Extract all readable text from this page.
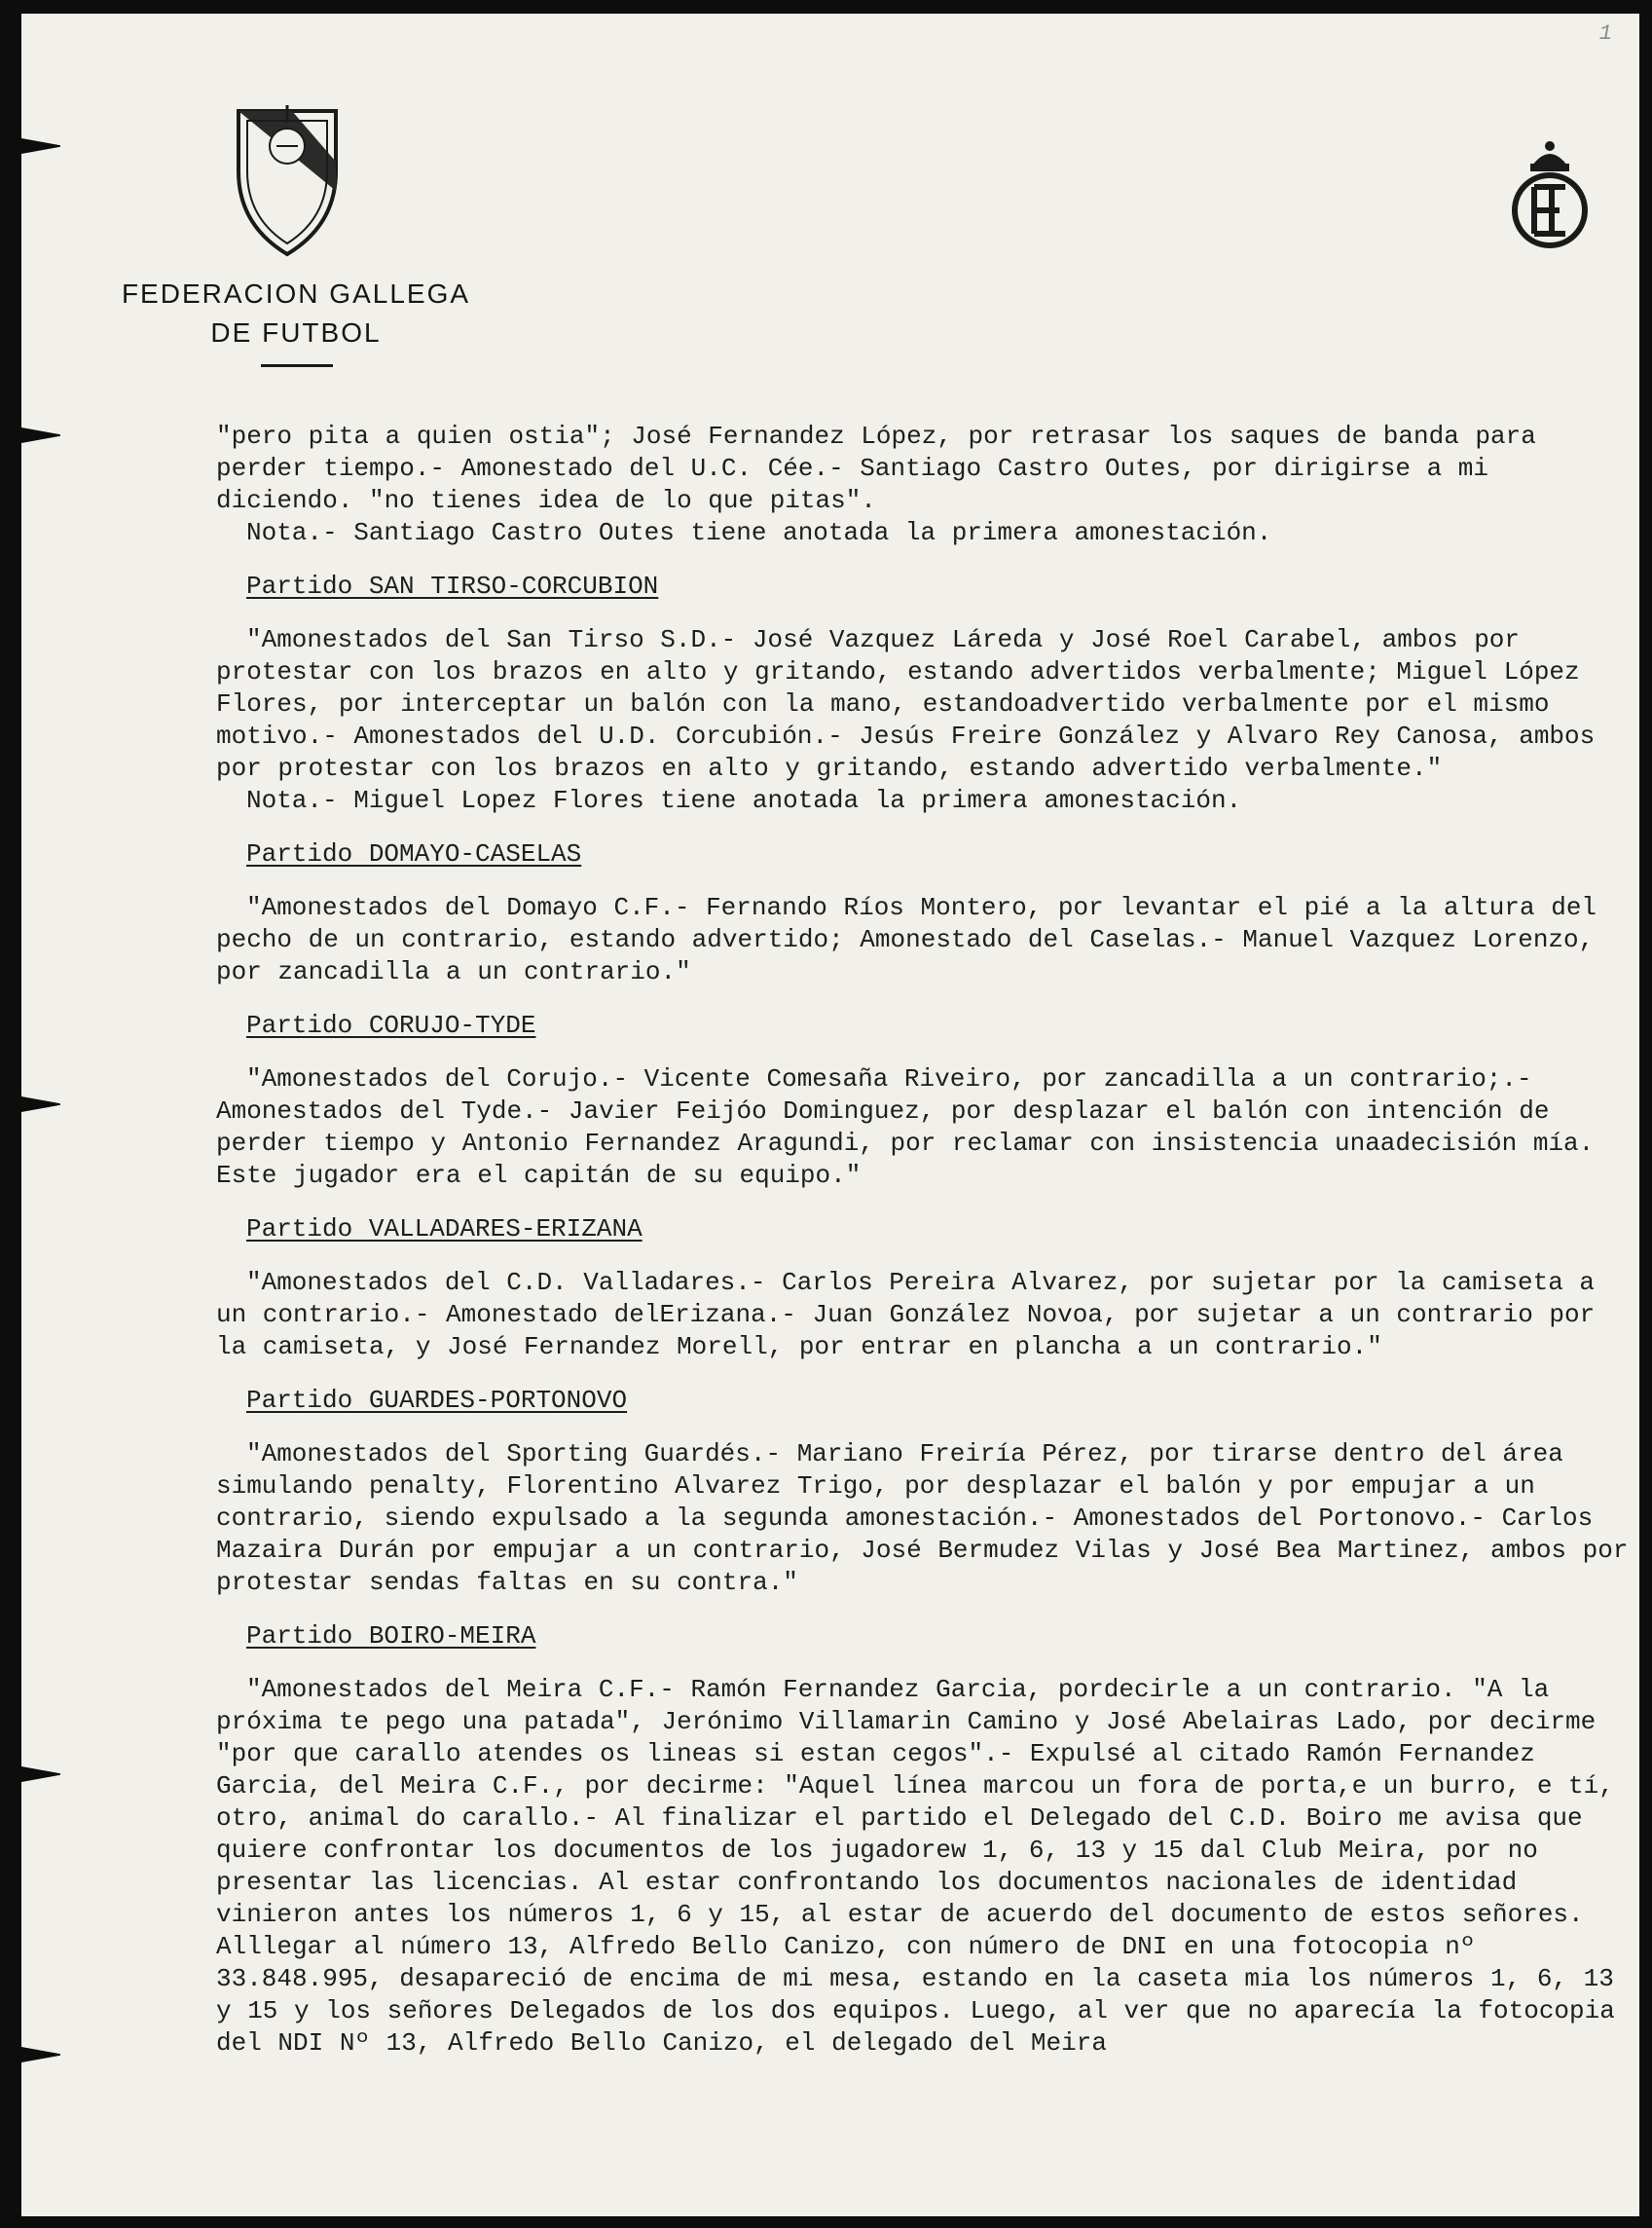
1
FEDERACION GALLEGA
DE FUTBOL

"pero pita a quien ostia"; José Fernandez López, por retrasar los saques de banda para perder tiempo.- Amonestado del U.C. Cée.- Santiago Castro Outes, por dirigirse a mi diciendo. "no tienes idea de lo que pitas".

Nota.- Santiago Castro Outes tiene anotada la primera amonestación.

Partido SAN TIRSO-CORCUBION

"Amonestados del San Tirso S.D.- José Vazquez Láreda y José Roel Carabel, ambos por protestar con los brazos en alto y gritando, estando advertidos verbalmente; Miguel López Flores, por interceptar un balón con la mano, estandoadvertido verbalmente por el mismo motivo.- Amonestados del U.D. Corcubión.- Jesús Freire González y Alvaro Rey Canosa, ambos por protestar con los brazos en alto y gritando, estando advertido verbalmente."

Nota.- Miguel Lopez Flores tiene anotada la primera amonestación.

Partido DOMAYO-CASELAS

"Amonestados del Domayo C.F.- Fernando Ríos Montero, por levantar el pié a la altura del pecho de un contrario, estando advertido; Amonestado del Caselas.- Manuel Vazquez Lorenzo, por zancadilla a un contrario."

Partido CORUJO-TYDE

"Amonestados del Corujo.- Vicente Comesaña Riveiro, por zancadilla a un contrario;.- Amonestados del Tyde.- Javier Feijóo Dominguez, por desplazar el balón con intención de perder tiempo y Antonio Fernandez Aragundi, por reclamar con insistencia unaadecisión mía. Este jugador era el capitán de su equipo."

Partido VALLADARES-ERIZANA

"Amonestados del C.D. Valladares.- Carlos Pereira Alvarez, por sujetar por la camiseta a un contrario.- Amonestado delErizana.- Juan González Novoa, por sujetar a un contrario por la camiseta, y José Fernandez Morell, por entrar en plancha a un contrario."

Partido GUARDES-PORTONOVO

"Amonestados del Sporting Guardés.- Mariano Freiría Pérez, por tirarse dentro del área simulando penalty, Florentino Alvarez Trigo, por desplazar el balón y por empujar a un contrario, siendo expulsado a la segunda amonestación.- Amonestados del Portonovo.- Carlos Mazaira Durán por empujar a un contrario, José Bermudez Vilas y José Bea Martinez, ambos por protestar sendas faltas en su contra."

Partido BOIRO-MEIRA

"Amonestados del Meira C.F.- Ramón Fernandez Garcia, pordecirle a un contrario. "A la próxima te pego una patada", Jerónimo Villamarin Camino y José Abelairas Lado, por decirme "por que carallo atendes os lineas si estan cegos".- Expulsé al citado Ramón Fernandez Garcia, del Meira C.F., por decirme: "Aquel línea marcou un fora de porta,e un burro, e tí, otro, animal do carallo.- Al finalizar el partido el Delegado del C.D. Boiro me avisa que quiere confrontar los documentos de los jugadorew 1, 6, 13 y 15 dal Club Meira, por no presentar las licencias. Al estar confrontando los documentos nacionales de identidad vinieron antes los números 1, 6 y 15, al estar de acuerdo del documento de estos señores. Alllegar al número 13, Alfredo Bello Canizo, con número de DNI en una fotocopia nº 33.848.995, desapareció de encima de mi mesa, estando en la caseta mia los números 1, 6, 13 y 15 y los señores Delegados de los dos equipos. Luego, al ver que no aparecía la fotocopia del NDI Nº 13, Alfredo Bello Canizo, el delegado del Meira
